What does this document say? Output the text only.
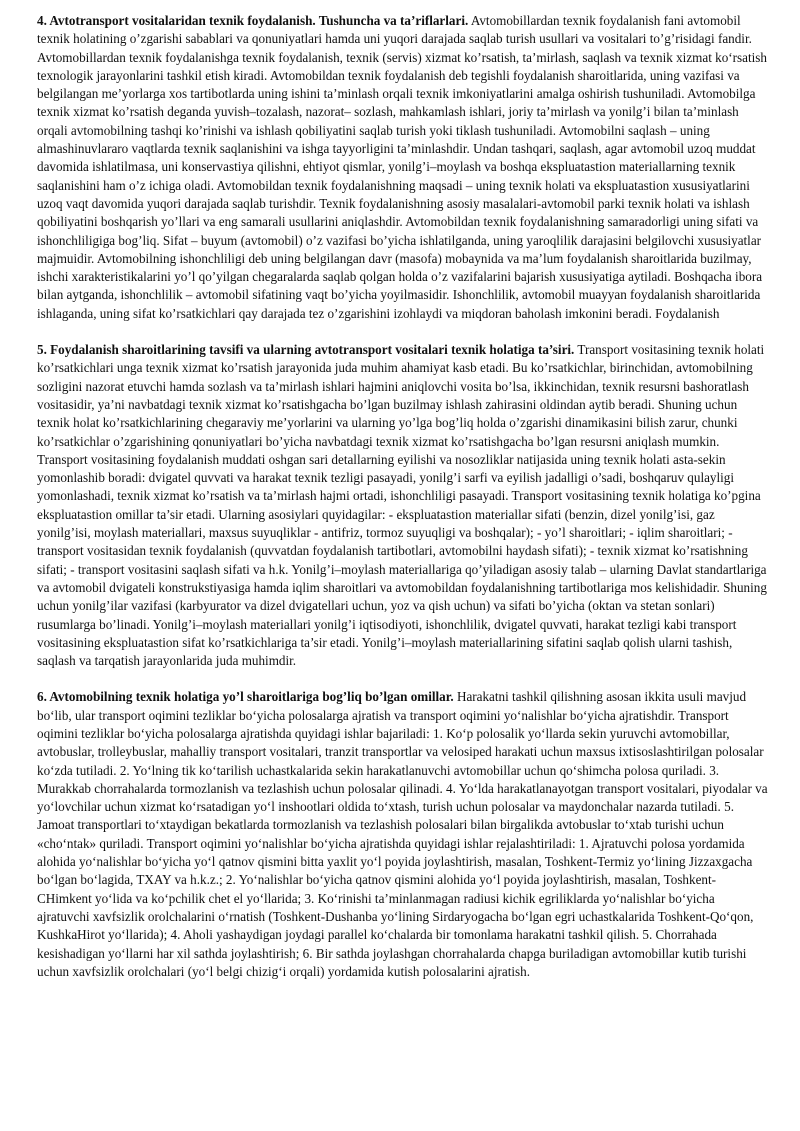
4. Avtotransport vositalaridan texnik foydalanish. Tushuncha va ta’riflarlari. Avtomobillardan texnik foydalanish fani avtomobil texnik holatining o’zgarishi sabablari va qonuniyatlari hamda uni yuqori darajada saqlab turish usullari va vositalari to’g’risidagi fandir. Avtomobillardan texnik foydalanishga texnik foydalanish, texnik (servis) xizmat ko’rsatish, ta’mirlash, saqlash va texnik xizmat ko‘rsatish texnologik jarayonlarini tashkil etish kiradi. Avtomobildan texnik foydalanish deb tegishli foydalanish sharoitlarida, uning vazifasi va belgilangan me’yorlarga xos tartibotlarda uning ishini ta’minlash orqali texnik imkoniyatlarini amalga oshirish tushuniladi. Avtomobilga texnik xizmat ko’rsatish deganda yuvish–tozalash, nazorat– sozlash, mahkamlash ishlari, joriy ta’mirlash va yonilg’i bilan ta’minlash orqali avtomobilning tashqi ko’rinishi va ishlash qobiliyatini saqlab turish yoki tiklash tushuniladi. Avtomobilni saqlash – uning almashinuvlararo vaqtlarda texnik saqlanishini va ishga tayyorligini ta’minlashdir. Undan tashqari, saqlash, agar avtomobil uzoq muddat davomida ishlatilmasa, uni konservastiya qilishni, ehtiyot qismlar, yonilg’i–moylash va boshqa ekspluatastion materiallarning texnik saqlanishini ham o’z ichiga oladi. Avtomobildan texnik foydalanishning maqsadi – uning texnik holati va ekspluatastion xususiyatlarini uzoq vaqt davomida yuqori darajada saqlab turishdir. Texnik foydalanishning asosiy masalalari-avtomobil parki texnik holati va ishlash qobiliyatini boshqarish yo’llari va eng samarali usullarini aniqlashdir. Avtomobildan texnik foydalanishning samaradorligi uning sifati va ishonchliligiga bog’liq. Sifat – buyum (avtomobil) o’z vazifasi bo’yicha ishlatilganda, uning yaroqlilik darajasini belgilovchi xususiyatlar majmuidir. Avtomobilning ishonchliligi deb uning belgilangan davr (masofa) mobaynida va ma’lum foydalanish sharoitlarida buzilmay, ishchi xarakteristikalarini yo’l qo’yilgan chegaralarda saqlab qolgan holda o’z vazifalarini bajarish xususiyatiga aytiladi. Boshqacha ibora bilan aytganda, ishonchlilik – avtomobil sifatining vaqt bo’yicha yoyilmasidir. Ishonchlilik, avtomobil muayyan foydalanish sharoitlarida ishlaganda, uning sifat ko’rsatkichlari qay darajada tez o’zgarishini izohlaydi va miqdoran baholash imkonini beradi. Foydalanish

5. Foydalanish sharoitlarining tavsifi va ularning avtotransport vositalari texnik holatiga ta’siri. Transport vositasining texnik holati ko’rsatkichlari unga texnik xizmat ko’rsatish jarayonida juda muhim ahamiyat kasb etadi. Bu ko’rsatkichlar, birinchidan, avtomobilning sozligini nazorat etuvchi hamda sozlash va ta’mirlash ishlari hajmini aniqlovchi vosita bo’lsa, ikkinchidan, texnik resursni bashoratlash vositasidir, ya’ni navbatdagi texnik xizmat ko’rsatishgacha bo’lgan buzilmay ishlash zahirasini oldindan aytib beradi. Shuning uchun texnik holat ko’rsatkichlarining chegaraviy me’yorlarini va ularning yo’lga bog’liq holda o’zgarishi dinamikasini bilish zarur, chunki ko’rsatkichlar o’zgarishining qonuniyatlari bo’yicha navbatdagi texnik xizmat ko’rsatishgacha bo’lgan resursni aniqlash mumkin. Transport vositasining foydalanish muddati oshgan sari detallarning eyilishi va nosozliklar natijasida uning texnik holati asta-sekin yomonlashib boradi: dvigatel quvvati va harakat texnik tezligi pasayadi, yonilg’i sarfi va eyilish jadalligi o’sadi, boshqaruv qulayligi yomonlashadi, texnik xizmat ko’rsatish va ta’mirlash hajmi ortadi, ishonchliligi pasayadi. Transport vositasining texnik holatiga ko’pgina ekspluatastion omillar ta’sir etadi. Ularning asosiylari quyidagilar: - ekspluatastion materiallar sifati (benzin, dizel yonilg’isi, gaz yonilg’isi, moylash materiallari, maxsus suyuqliklar - antifriz, tormoz suyuqligi va boshqalar); - yo’l sharoitlari; - iqlim sharoitlari; - transport vositasidan texnik foydalanish (quvvatdan foydalanish tartibotlari, avtomobilni haydash sifati); - texnik xizmat ko’rsatishning sifati; - transport vositasini saqlash sifati va h.k. Yonilg’i–moylash materiallariga qo’yiladigan asosiy talab – ularning Davlat standartlariga va avtomobil dvigateli konstrukstiyasiga hamda iqlim sharoitlari va avtomobildan foydalanishning tartibotlariga mos kelishidadir. Shuning uchun yonilg’ilar vazifasi (karbyurator va dizel dvigatellari uchun, yoz va qish uchun) va sifati bo’yicha (oktan va stetan sonlari) rusumlarga bo’linadi. Yonilg’i–moylash materiallari yonilg’i iqtisodiyoti, ishonchlilik, dvigatel quvvati, harakat tezligi kabi transport vositasining ekspluatastion sifat ko’rsatkichlariga ta’sir etadi. Yonilg’i–moylash materiallarining sifatini saqlab qolish ularni tashish, saqlash va tarqatish jarayonlarida juda muhimdir.

6. Avtomobilning texnik holatiga yo’l sharoitlariga bog’liq bo’lgan omillar. Harakatni tashkil qilishning asosan ikkita usuli mavjud bo‘lib, ular transport oqimini tezliklar bo‘yicha polosalarga ajratish va transport oqimini yo‘nalishlar bo‘yicha ajratishdir. Transport oqimini tezliklar bo‘yicha polosalarga ajratishda quyidagi ishlar bajariladi: 1. Ko‘p polosalik yo‘llarda sekin yuruvchi avtomobillar, avtobuslar, trolleybuslar, mahalliy transport vositalari, tranzit transportlar va velosiped harakati uchun maxsus ixtisoslashtirilgan polosalar ko‘zda tutiladi. 2. Yo‘lning tik ko‘tarilish uchastkalarida sekin harakatlanuvchi avtomobillar uchun qo‘shimcha polosa quriladi. 3. Murakkab chorrahalarda tormozlanish va tezlashish uchun polosalar qilinadi. 4. Yo‘lda harakatlanayotgan transport vositalari, piyodalar va yo‘lovchilar uchun xizmat ko‘rsatadigan yo‘l inshootlari oldida to‘xtash, turish uchun polosalar va maydonchalar nazarda tutiladi. 5. Jamoat transportlari to‘xtaydigan bekatlarda tormozlanish va tezlashish polosalari bilan birgalikda avtobuslar to‘xtab turishi uchun «cho‘ntak» quriladi. Transport oqimini yo‘nalishlar bo‘yicha ajratishda quyidagi ishlar rejalashtiriladi: 1. Ajratuvchi polosa yordamida alohida yo‘nalishlar bo‘yicha yo‘l qatnov qismini bitta yaxlit yo‘l poyida joylashtirish, masalan, Toshkent-Termiz yo‘lining Jizzaxgacha bo‘lgan bo‘lagida, TXAY va h.k.z.; 2. Yo‘nalishlar bo‘yicha qatnov qismini alohida yo‘l poyida joylashtirish, masalan, Toshkent-CHimkent yo‘lida va ko‘pchilik chet el yo‘llarida; 3. Ko‘rinishi ta’minlanmagan radiusi kichik egriliklarda yo‘nalishlar bo‘yicha ajratuvchi xavfsizlik orolchalarini o‘rnatish (Toshkent-Dushanba yo‘lining Sirdaryogacha bo‘lgan egri uchastkalarida Toshkent-Qo‘qon, KushkaHirot yo‘llarida); 4. Aholi yashaydigan joydagi parallel ko‘chalarda bir tomonlama harakatni tashkil qilish. 5. Chorrahada kesishadigan yo‘llarni har xil sathda joylashtirish; 6. Bir sathda joylashgan chorrahalarda chapga buriladigan avtomobillar kutib turishi uchun xavfsizlik orolchalari (yo‘l belgi chizig‘i orqali) yordamida kutish polosalarini ajratish.
